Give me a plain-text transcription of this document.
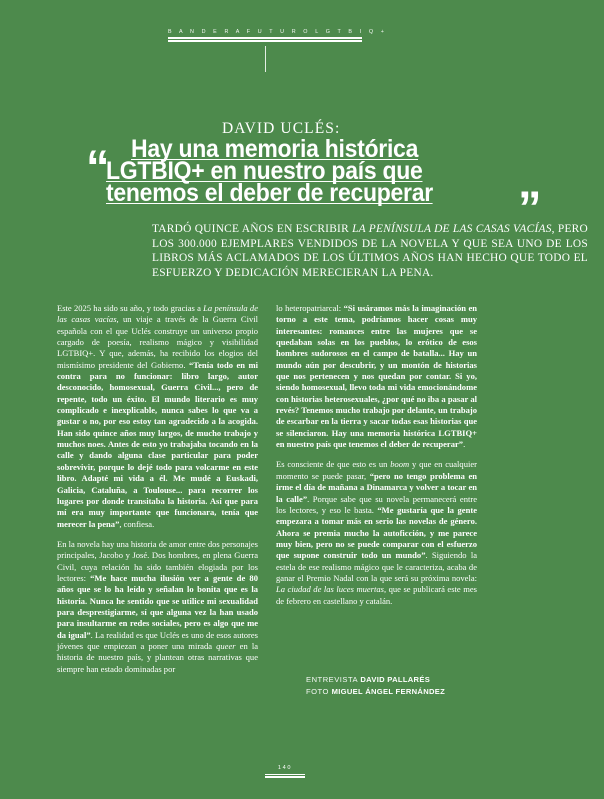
B A N D E R A F U T U R O L G T B I Q +
DAVID UCLÉS:
“ Hay una memoria histórica
LGTBIQ+ en nuestro país que
tenemos el deber de recuperar	”
TARDÓ QUINCE AÑOS EN ESCRIBIR LA PENÍNSULA DE LAS CASAS VACÍAS, PERO LOS 300.000 EJEMPLARES VENDIDOS DE LA NOVELA Y QUE SEA UNO DE LOS LIBROS MÁS ACLAMADOS DE LOS ÚLTIMOS AÑOS HAN HECHO QUE TODO EL ESFUERZO Y DEDICACIÓN MERECIERAN LA PENA.

Este 2025 ha sido su año, y todo gracias a La península de las casas vacías, un viaje a través de la Guerra Civil española con el que Uclés construye un universo propio cargado de poesía, realismo mágico y visibilidad LGTBIQ+. Y que, además, ha recibido los elogios del mismísimo presidente del Gobierno. “Tenía todo en mi contra para no funcionar: libro largo, autor desconocido, homosexual, Guerra Civil..., pero de repente, todo un éxito. El mundo literario es muy complicado e inexplicable, nunca sabes lo que va a gustar o no, por eso estoy tan agradecido a la acogida. Han sido quince años muy largos, de mucho trabajo y muchos noes. Antes de esto yo trabajaba tocando en la calle y dando alguna clase particular para poder sobrevivir, porque lo dejé todo para volcarme en este libro. Adapté mi vida a él. Me mudé a Euskadi, Galicia, Cataluña, a Toulouse... para recorrer los lugares por donde transitaba la historia. Así que para mí era muy importante que funcionara, tenía que merecer la pena”, confiesa.

En la novela hay una historia de amor entre dos personajes principales, Jacobo y José. Dos hombres, en plena Guerra Civil, cuya relación ha sido también elogiada por los lectores: “Me hace mucha ilusión ver a gente de 80 años que se lo ha leído y señalan lo bonita que es la historia. Nunca he sentido que se utilice mi sexualidad para desprestigiarme, sí que alguna vez la han usado para insultarme en redes sociales, pero es algo que me da igual”. La realidad es que Uclés es uno de esos autores jóvenes que empiezan a poner una mirada queer en la historia de nuestro país, y plantean otras narrativas que siempre han estado dominadas por

lo heteropatriarcal: “Si usáramos más la imaginación en torno a este tema, podríamos hacer cosas muy interesantes: romances entre las mujeres que se quedaban solas en los pueblos, lo erótico de esos hombres sudorosos en el campo de batalla... Hay un mundo aún por descubrir, y un montón de historias que nos pertenecen y nos quedan por contar. Si yo, siendo homosexual, llevo toda mi vida emocionándome con historias heterosexuales, ¿por qué no iba a pasar al revés? Tenemos mucho trabajo por delante, un trabajo de escarbar en la tierra y sacar todas esas historias que se silenciaron. Hay una memoria histórica LGTBIQ+ en nuestro país que tenemos el deber de recuperar”.

Es consciente de que esto es un boom y que en cualquier momento se puede pasar, “pero no tengo problema en irme el día de mañana a Dinamarca y volver a tocar en la calle”. Porque sabe que su novela permanecerá entre los lectores, y eso le basta. “Me gustaría que la gente empezara a tomar más en serio las novelas de género. Ahora se premia mucho la autoficción, y me parece muy bien, pero no se puede comparar con el esfuerzo que supone construir todo un mundo”. Siguiendo la estela de ese realismo mágico que le caracteriza, acaba de ganar el Premio Nadal con la que será su próxima novela: La ciudad de las luces muertas, que se publicará este mes de febrero en castellano y catalán.

ENTREVISTA DAVID PALLARÉS
FOTO MIGUEL ÁNGEL FERNÁNDEZ
140
